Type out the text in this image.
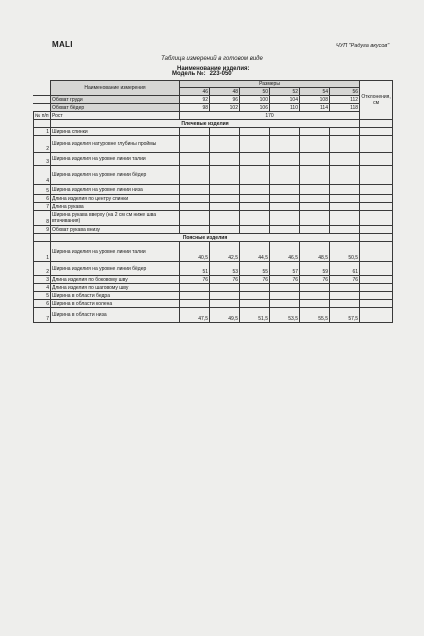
MALI	ЧУП "Радуга вкусов"
Таблица измерений в готовом виде
Наименование изделия:
Модель №: 223-050
	Наименование измерения	Размеры						Отклонения, см
		46	48	50	52	54	56	
	Обхват груди	92	96	100	104	108	112	
	Обхват бёдер	98	102	106	110	114	118	
№ п/п	Рост	170						
	Плечевые изделия							
1	Ширина спинки							
2	Ширина изделия натуровне глубины проймы							
3	Ширина изделия на уровне линии талии							
4	Ширина изделия на уровне линии бёдер							
5	Ширина изделия на уровне линии низа							
6	Длина изделия по центру спинки							
7	Длина рукава							
8	Ширина рукава вверху (на 2 см см ниже шва втачивания)							
9	Обхват рукава внизу							
	Поясные изделия							
1	Ширина изделия на уровне линии талии	40,5	42,5	44,5	46,5	48,5	50,5	
2	Ширина изделия на уровне линии бёдер	51	53	55	57	59	61	
3	Длина изделия по боковому шву	76	76	76	76	76	76	
4	Длина изделия по шаговому шву							
5	Ширина в области бедра							
6	Ширина в области колена							
7	Ширина в области низа	47,5	49,5	51,5	53,5	55,5	57,5	
